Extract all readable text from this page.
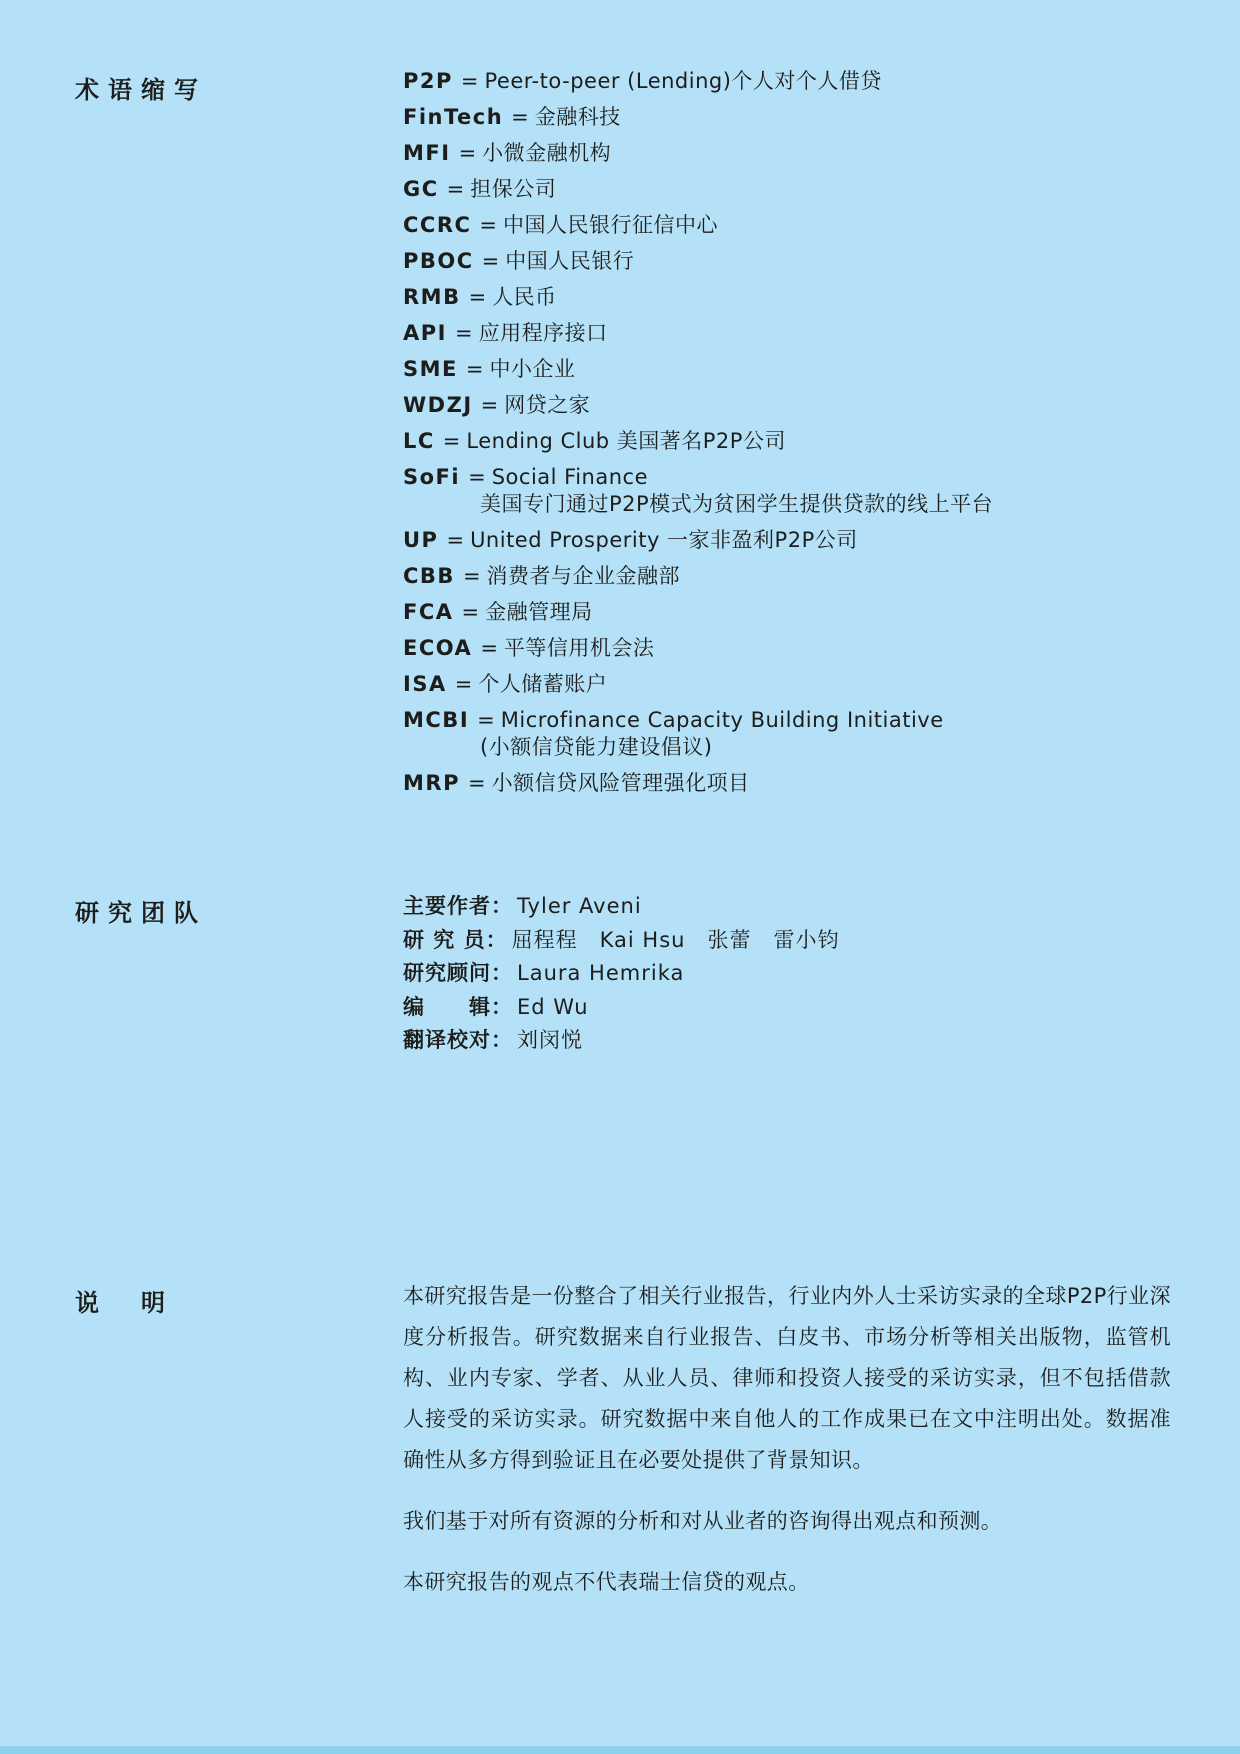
术语缩写	P2P = Peer-to-peer (Lending)个人对个人借贷
FinTech = 金融科技
MFI = 小微金融机构
GC = 担保公司
CCRC = 中国人民银行征信中心
PBOC = 中国人民银行
RMB = 人民币
API = 应用程序接口
SME = 中小企业
WDZJ = 网贷之家
LC = Lending Club 美国著名P2P公司
SoFi = Social Finance
美国专门通过P2P模式为贫困学生提供贷款的线上平台
UP = United Prosperity 一家非盈利P2P公司
CBB = 消费者与企业金融部
FCA = 金融管理局
ECOA = 平等信用机会法
ISA = 个人储蓄账户
MCBI = Microfinance Capacity Building Initiative
(小额信贷能力建设倡议)
MRP = 小额信贷风险管理强化项目
研究团队	主要作者： Tyler Aveni
研 究 员： 屈程程　Kai Hsu　张蕾　雷小钧
研究顾问： Laura Hemrika
编　　辑： Ed Wu
翻译校对： 刘闵悦
说　明	本研究报告是一份整合了相关行业报告，行业内外人士采访实录的全球P2P行业深度分析报告。研究数据来自行业报告、白皮书、市场分析等相关出版物，监管机构、业内专家、学者、从业人员、律师和投资人接受的采访实录，但不包括借款人接受的采访实录。研究数据中来自他人的工作成果已在文中注明出处。数据准确性从多方得到验证且在必要处提供了背景知识。

我们基于对所有资源的分析和对从业者的咨询得出观点和预测。

本研究报告的观点不代表瑞士信贷的观点。
